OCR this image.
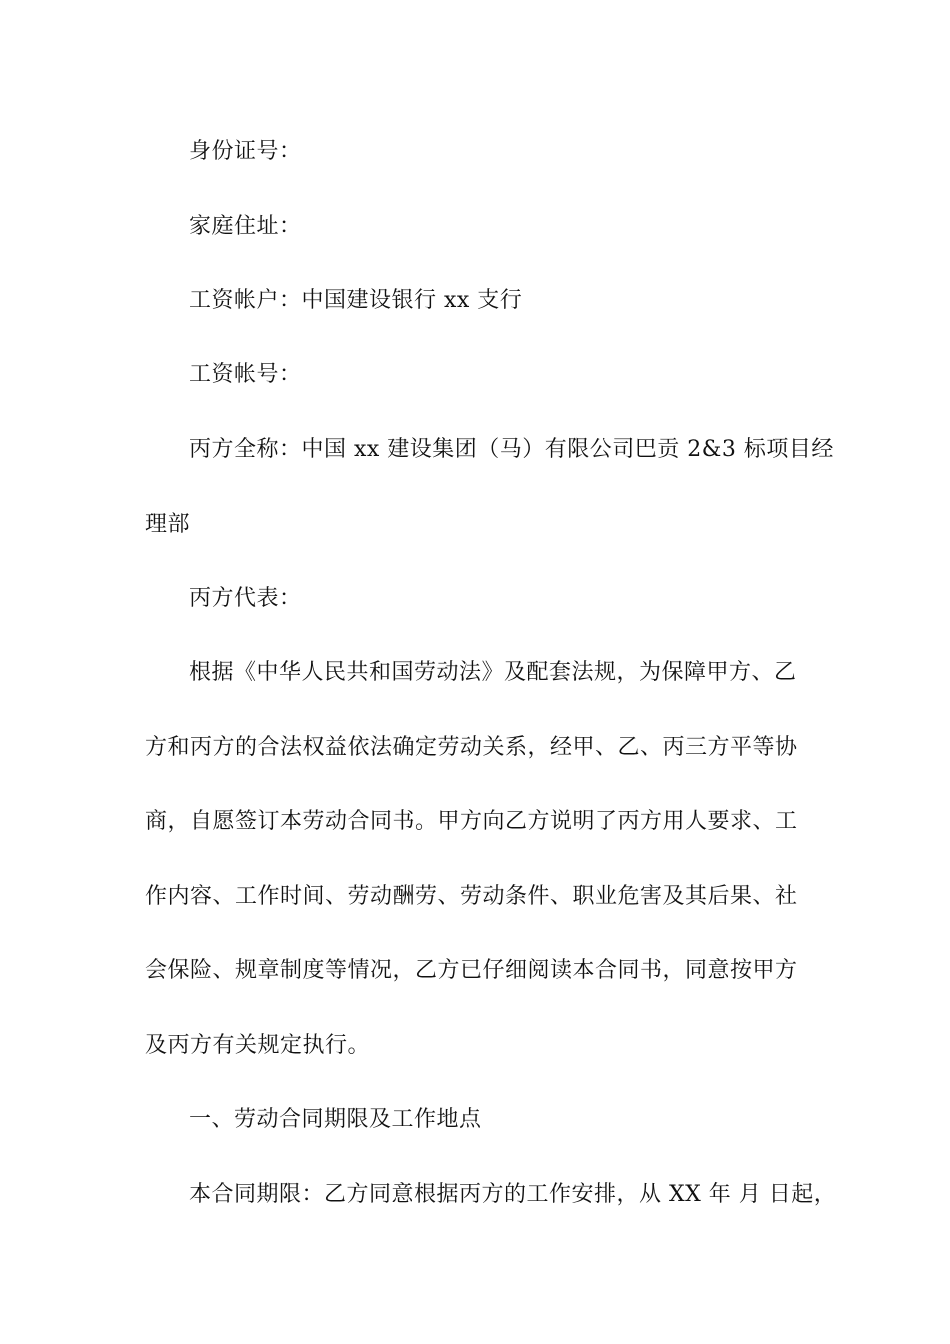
身份证号：
家庭住址：
工资帐户：中国建设银行 xx 支行
工资帐号：
丙方全称：中国 xx 建设集团（马）有限公司巴贡 2&3 标项目经
理部
丙方代表：
根据《中华人民共和国劳动法》及配套法规，为保障甲方、乙
方和丙方的合法权益依法确定劳动关系，经甲、乙、丙三方平等协
商，自愿签订本劳动合同书。甲方向乙方说明了丙方用人要求、工
作内容、工作时间、劳动酬劳、劳动条件、职业危害及其后果、社
会保险、规章制度等情况，乙方已仔细阅读本合同书，同意按甲方
及丙方有关规定执行。
一、劳动合同期限及工作地点
本合同期限：乙方同意根据丙方的工作安排，从 XX 年 月 日起，
